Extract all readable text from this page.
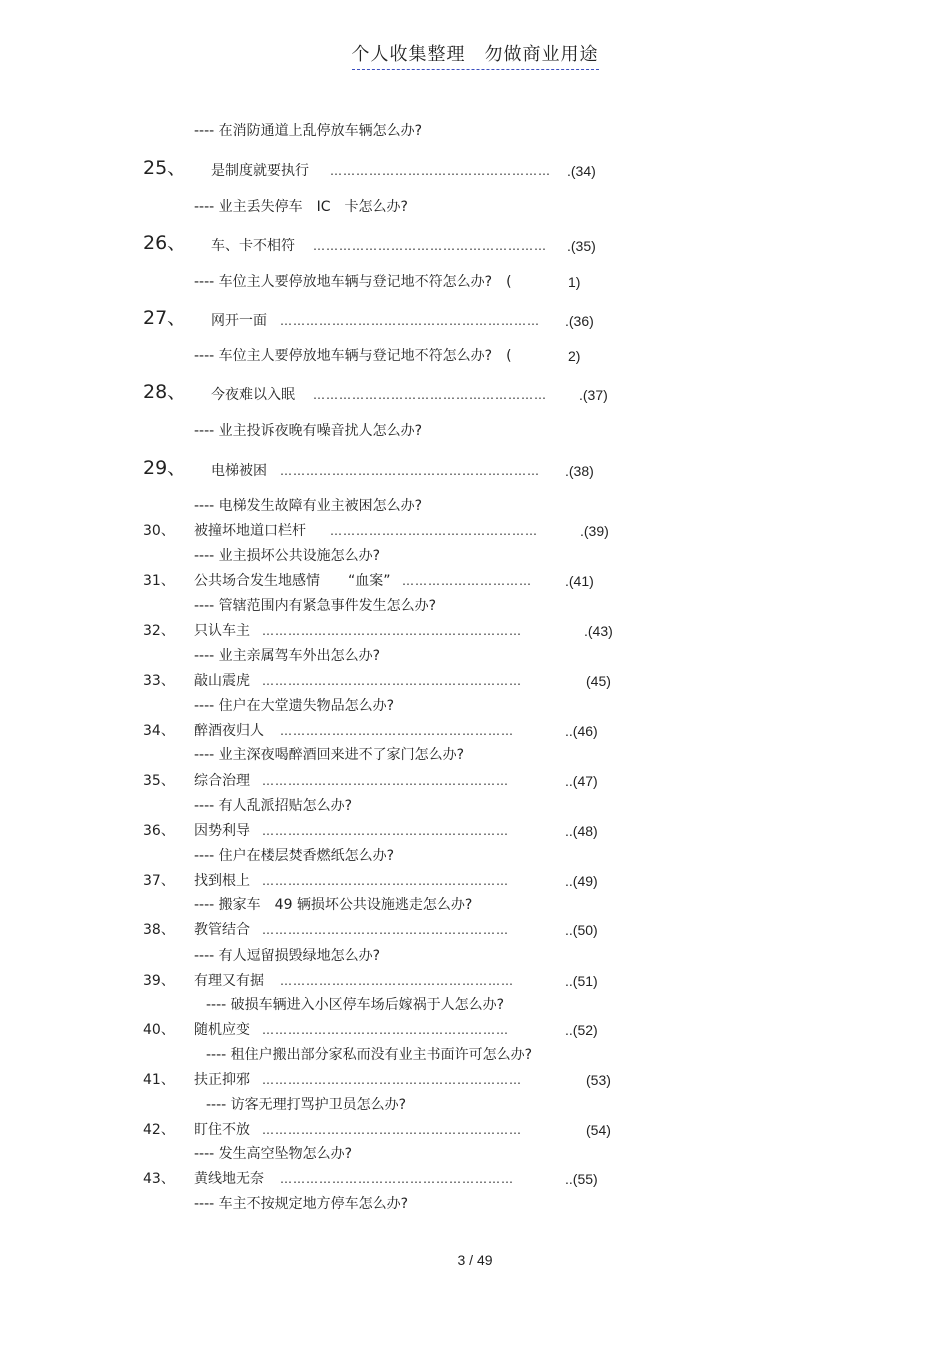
个人收集整理　勿做商业用途
---- 在消防通道上乱停放车辆怎么办?
25、 是制度就要执行 …………………………………………… .(34)
---- 业主丢失停车　IC　卡怎么办?
26、 车、卡不相符 ………………………………………………	.(35)
---- 车位主人要停放地车辆与登记地不符怎么办?　(	1)
27、 网开一面 ……………………………………………………	.(36)
---- 车位主人要停放地车辆与登记地不符怎么办?　(	2)
28、 今夜难以入眠 ………………………………………………	.(37)
---- 业主投诉夜晚有噪音扰人怎么办?
29、 电梯被困 ……………………………………………………	.(38)
---- 电梯发生故障有业主被困怎么办?
30、 被撞坏地道口栏杆 …………………………………………	.(39)
---- 业主损坏公共设施怎么办?
31、 公共场合发生地感情　　“血案” …………………………	.(41)
---- 管辖范围内有紧急事件发生怎么办?
32、 只认车主 ……………………………………………………	.(43)
---- 业主亲属驾车外出怎么办?
33、 敲山震虎 ……………………………………………………	(45)
---- 住户在大堂遗失物品怎么办?
34、 醉酒夜归人 ………………………………………………	..(46)
---- 业主深夜喝醉酒回来进不了家门怎么办?
35、 综合治理 …………………………………………………	..(47)
---- 有人乱派招贴怎么办?
36、 因势利导 …………………………………………………	..(48)
---- 住户在楼层焚香燃纸怎么办?
37、 找到根上 …………………………………………………	..(49)
---- 搬家车　49 辆损坏公共设施逃走怎么办?
38、 教管结合 …………………………………………………	..(50)
---- 有人逗留损毁绿地怎么办?
39、 有理又有据 ………………………………………………	..(51)
---- 破损车辆进入小区停车场后嫁祸于人怎么办?
40、 随机应变 …………………………………………………	..(52)
---- 租住户搬出部分家私而没有业主书面许可怎么办?
41、 扶正抑邪 ……………………………………………………	(53)
---- 访客无理打骂护卫员怎么办?
42、 盯住不放 ……………………………………………………	(54)
---- 发生高空坠物怎么办?
43、 黄线地无奈 ………………………………………………	..(55)
---- 车主不按规定地方停车怎么办?
3 / 49
